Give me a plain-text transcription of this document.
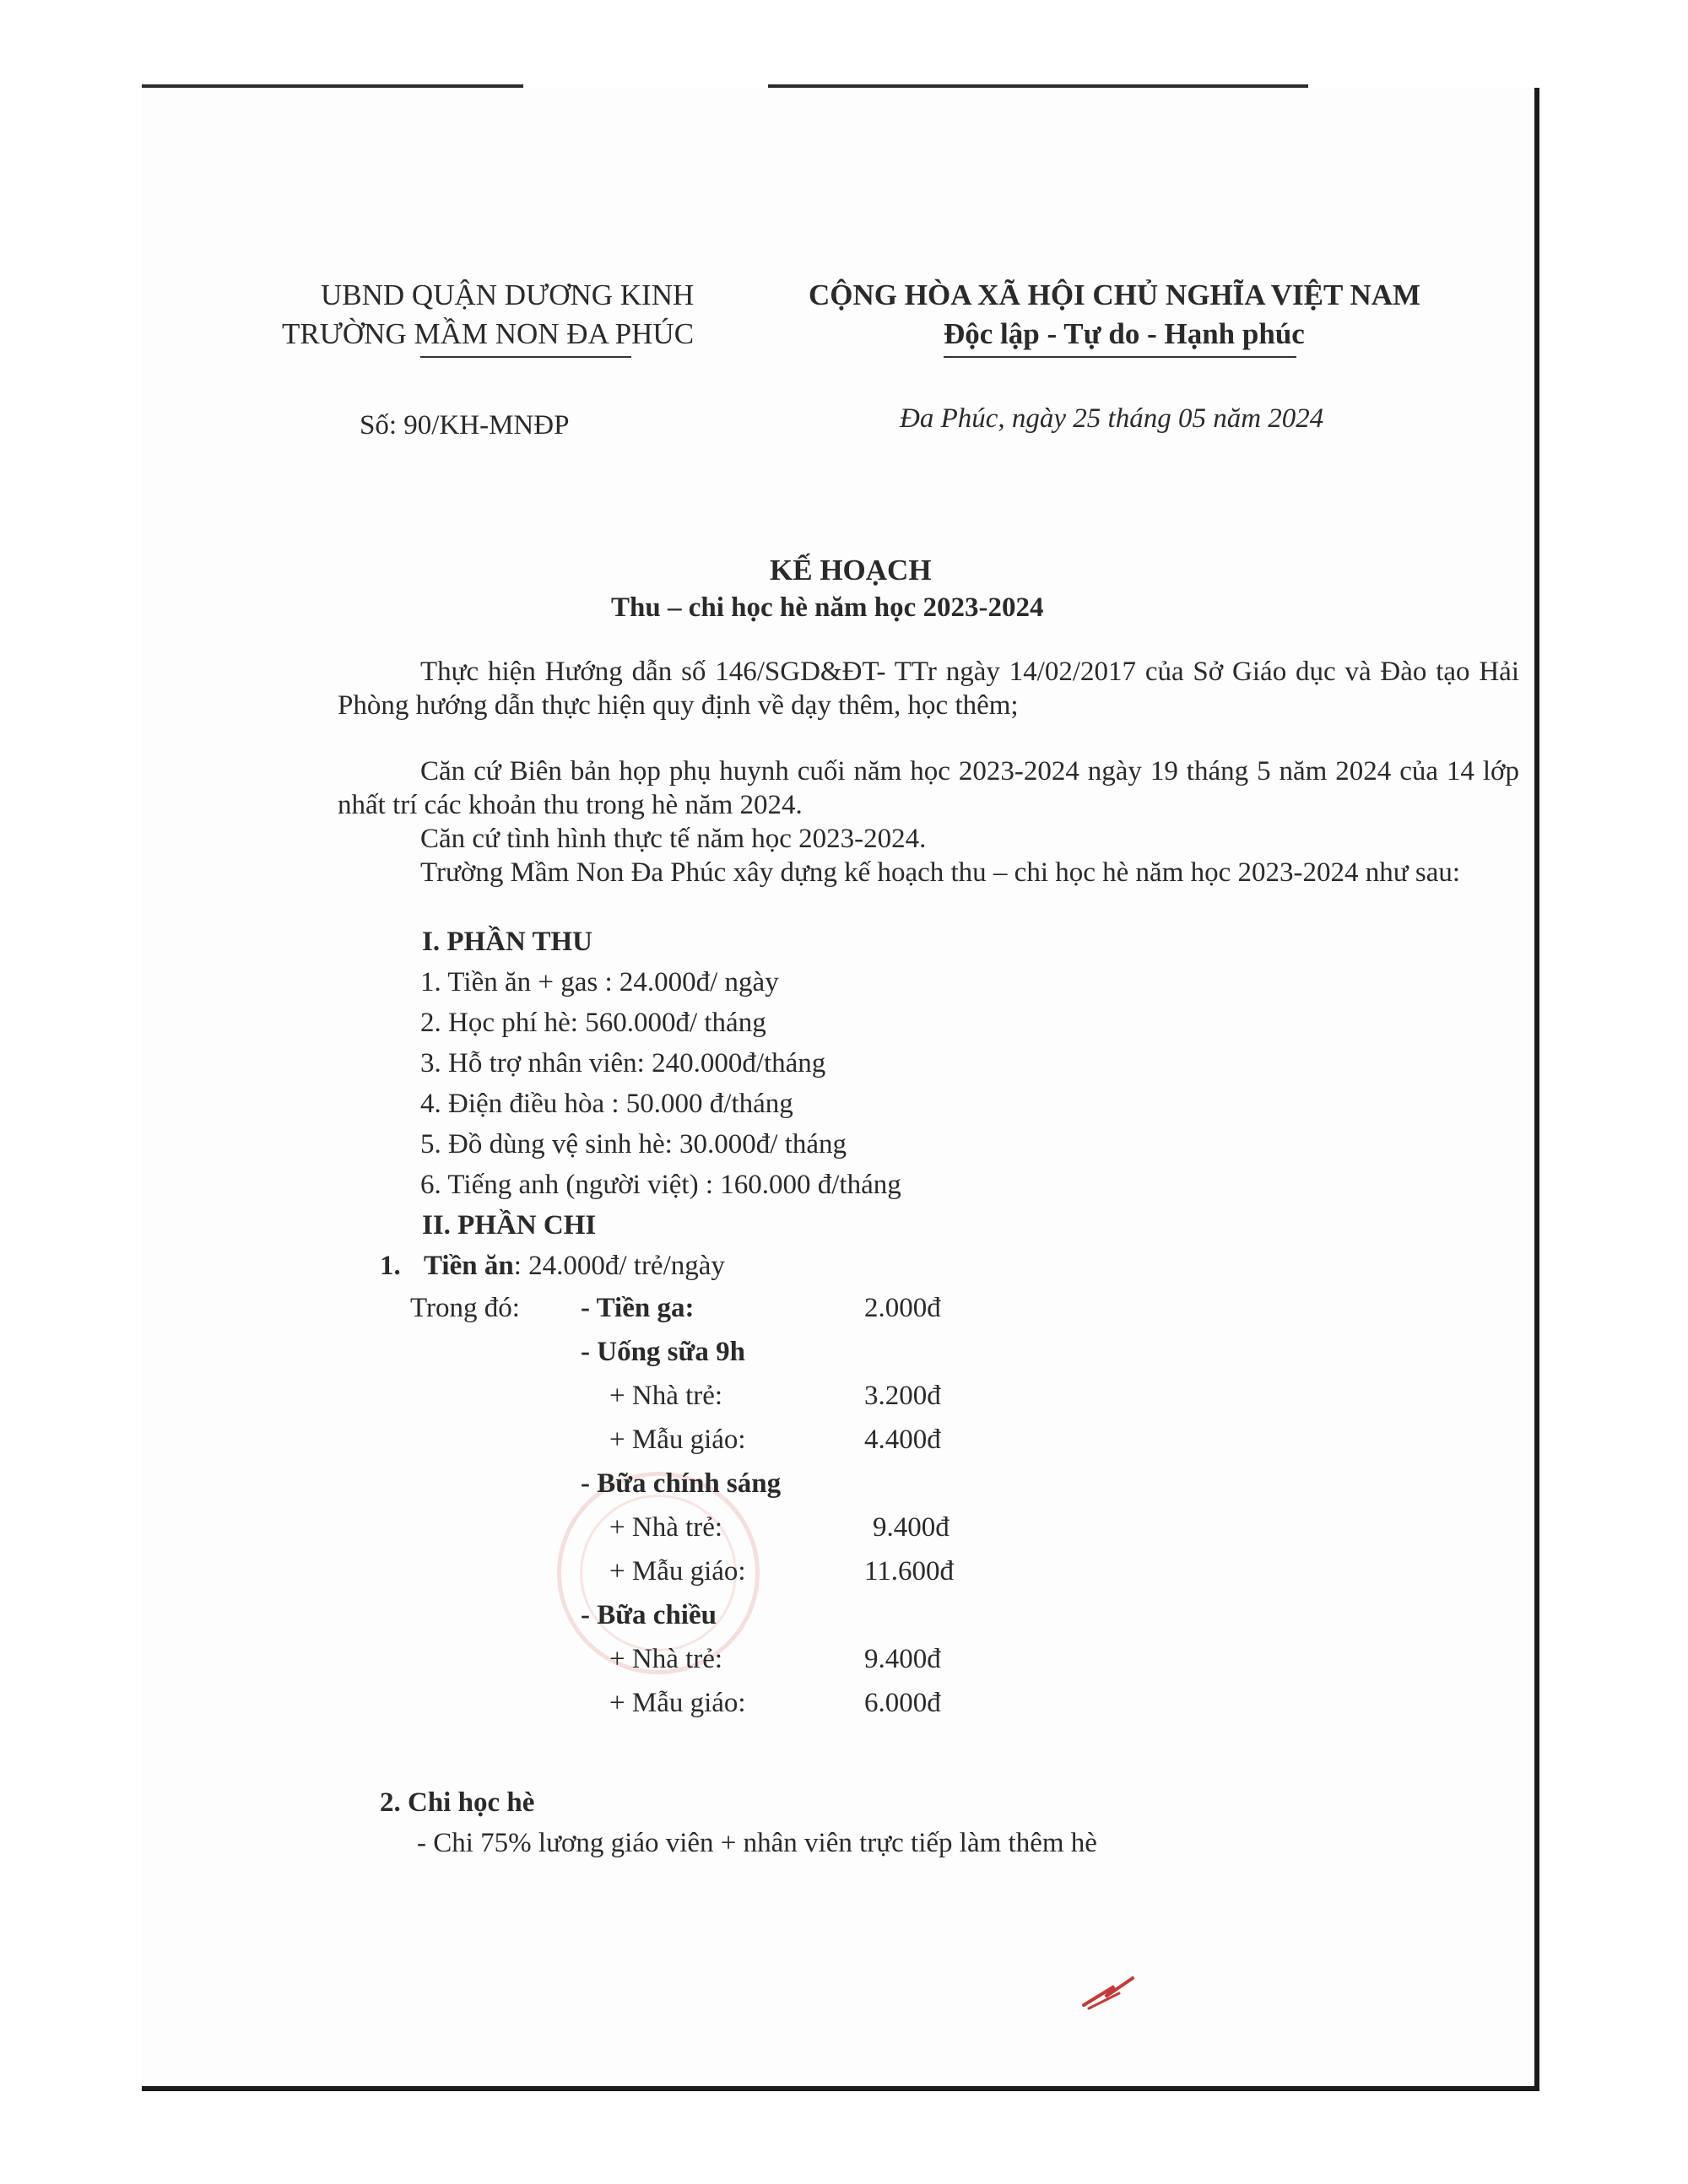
UBND QUẬN DƯƠNG KINH
TRƯỜNG MẦM NON ĐA PHÚC
CỘNG HÒA XÃ HỘI CHỦ NGHĨA VIỆT NAM
Độc lập - Tự do - Hạnh phúc
Số: 90/KH-MNĐP	Đa Phúc, ngày 25 tháng 05 năm 2024
KẾ HOẠCH
Thu – chi học hè năm học 2023-2024
Thực hiện Hướng dẫn số 146/SGD&ĐT- TTr ngày 14/02/2017 của Sở Giáo dục và Đào tạo Hải Phòng hướng dẫn thực hiện quy định về dạy thêm, học thêm;
Căn cứ Biên bản họp phụ huynh cuối năm học 2023-2024 ngày 19 tháng 5 năm 2024 của 14 lớp nhất trí các khoản thu trong hè năm 2024.
Căn cứ tình hình thực tế năm học 2023-2024.
Trường Mầm Non Đa Phúc xây dựng kế hoạch thu – chi học hè năm học 2023-2024 như sau:
I. PHẦN THU
1. Tiền ăn + gas : 24.000đ/ ngày
2. Học phí hè: 560.000đ/ tháng
3. Hỗ trợ nhân viên: 240.000đ/tháng
4. Điện điều hòa : 50.000 đ/tháng
5. Đồ dùng vệ sinh hè: 30.000đ/ tháng
6. Tiếng anh (người việt) : 160.000 đ/tháng
II. PHẦN CHI
1. Tiền ăn: 24.000đ/ trẻ/ngày
Trong đó: - Tiền ga:	2.000đ
- Uống sữa 9h
+ Nhà trẻ:	3.200đ
+ Mẫu giáo:	4.400đ
- Bữa chính sáng
+ Nhà trẻ:	9.400đ
+ Mẫu giáo:	11.600đ
- Bữa chiều
+ Nhà trẻ:	9.400đ
+ Mẫu giáo:	6.000đ
2. Chi học hè
- Chi 75% lương giáo viên + nhân viên trực tiếp làm thêm hè
